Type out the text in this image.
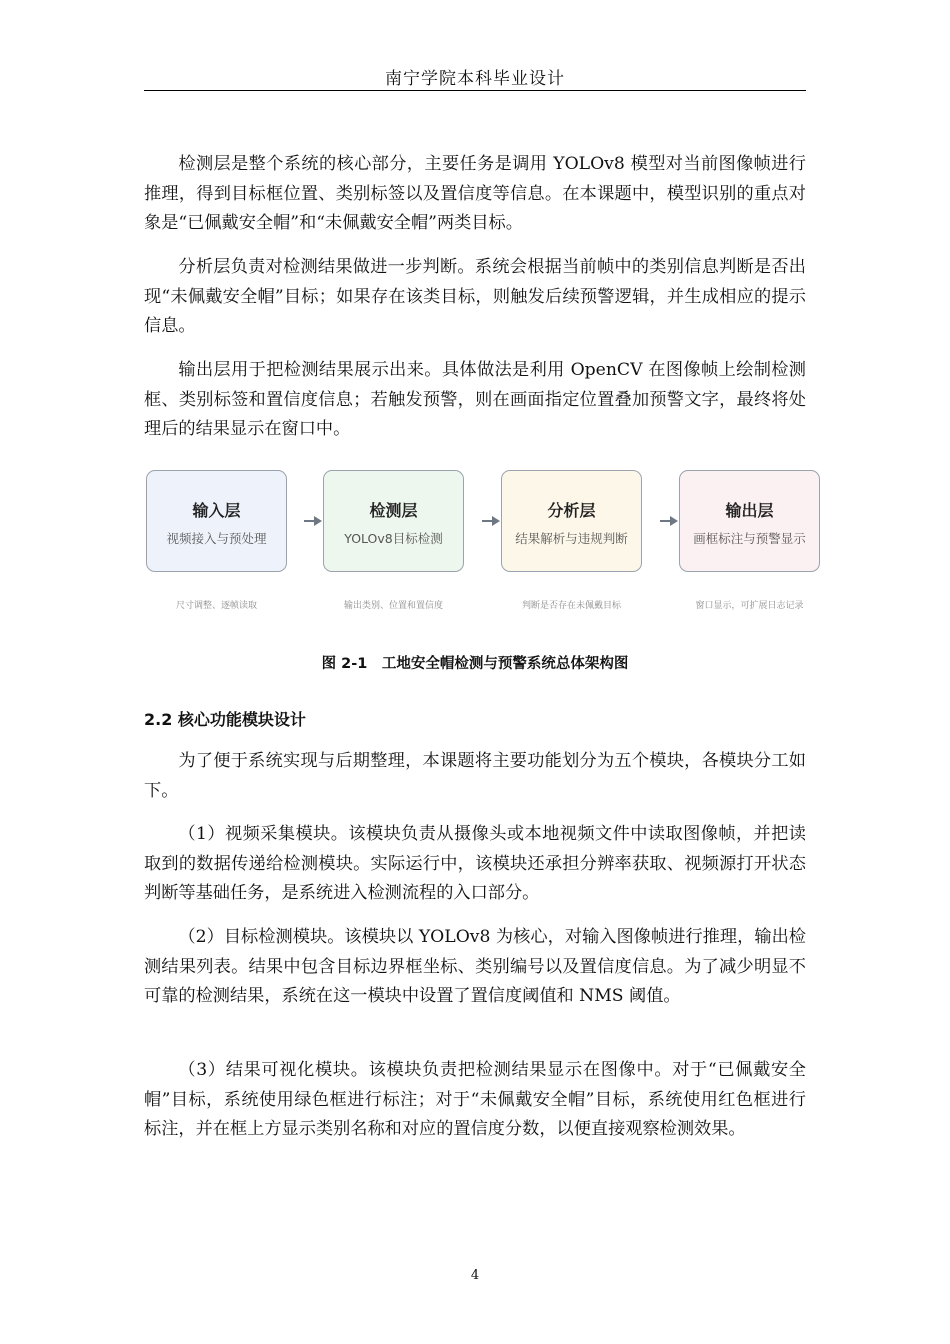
南宁学院本科毕业设计

检测层是整个系统的核心部分，主要任务是调用 YOLOv8 模型对当前图像帧进行推理，得到目标框位置、类别标签以及置信度等信息。在本课题中，模型识别的重点对象是“已佩戴安全帽”和“未佩戴安全帽”两类目标。

分析层负责对检测结果做进一步判断。系统会根据当前帧中的类别信息判断是否出现“未佩戴安全帽”目标；如果存在该类目标，则触发后续预警逻辑，并生成相应的提示信息。

输出层用于把检测结果展示出来。具体做法是利用 OpenCV 在图像帧上绘制检测框、类别标签和置信度信息；若触发预警，则在画面指定位置叠加预警文字，最终将处理后的结果显示在窗口中。

输入层
视频接入与预处理
检测层
YOLOv8目标检测
分析层
结果解析与违规判断
输出层
画框标注与预警显示
尺寸调整、逐帧读取	输出类别、位置和置信度	判断是否存在未佩戴目标	窗口显示，可扩展日志记录
图 2-1　工地安全帽检测与预警系统总体架构图
2.2 核心功能模块设计

为了便于系统实现与后期整理，本课题将主要功能划分为五个模块，各模块分工如下。

（1）视频采集模块。该模块负责从摄像头或本地视频文件中读取图像帧，并把读取到的数据传递给检测模块。实际运行中，该模块还承担分辨率获取、视频源打开状态判断等基础任务，是系统进入检测流程的入口部分。

（2）目标检测模块。该模块以 YOLOv8 为核心，对输入图像帧进行推理，输出检测结果列表。结果中包含目标边界框坐标、类别编号以及置信度信息。为了减少明显不可靠的检测结果，系统在这一模块中设置了置信度阈值和 NMS 阈值。

（3）结果可视化模块。该模块负责把检测结果显示在图像中。对于“已佩戴安全帽”目标，系统使用绿色框进行标注；对于“未佩戴安全帽”目标，系统使用红色框进行标注，并在框上方显示类别名称和对应的置信度分数，以便直接观察检测效果。

4
